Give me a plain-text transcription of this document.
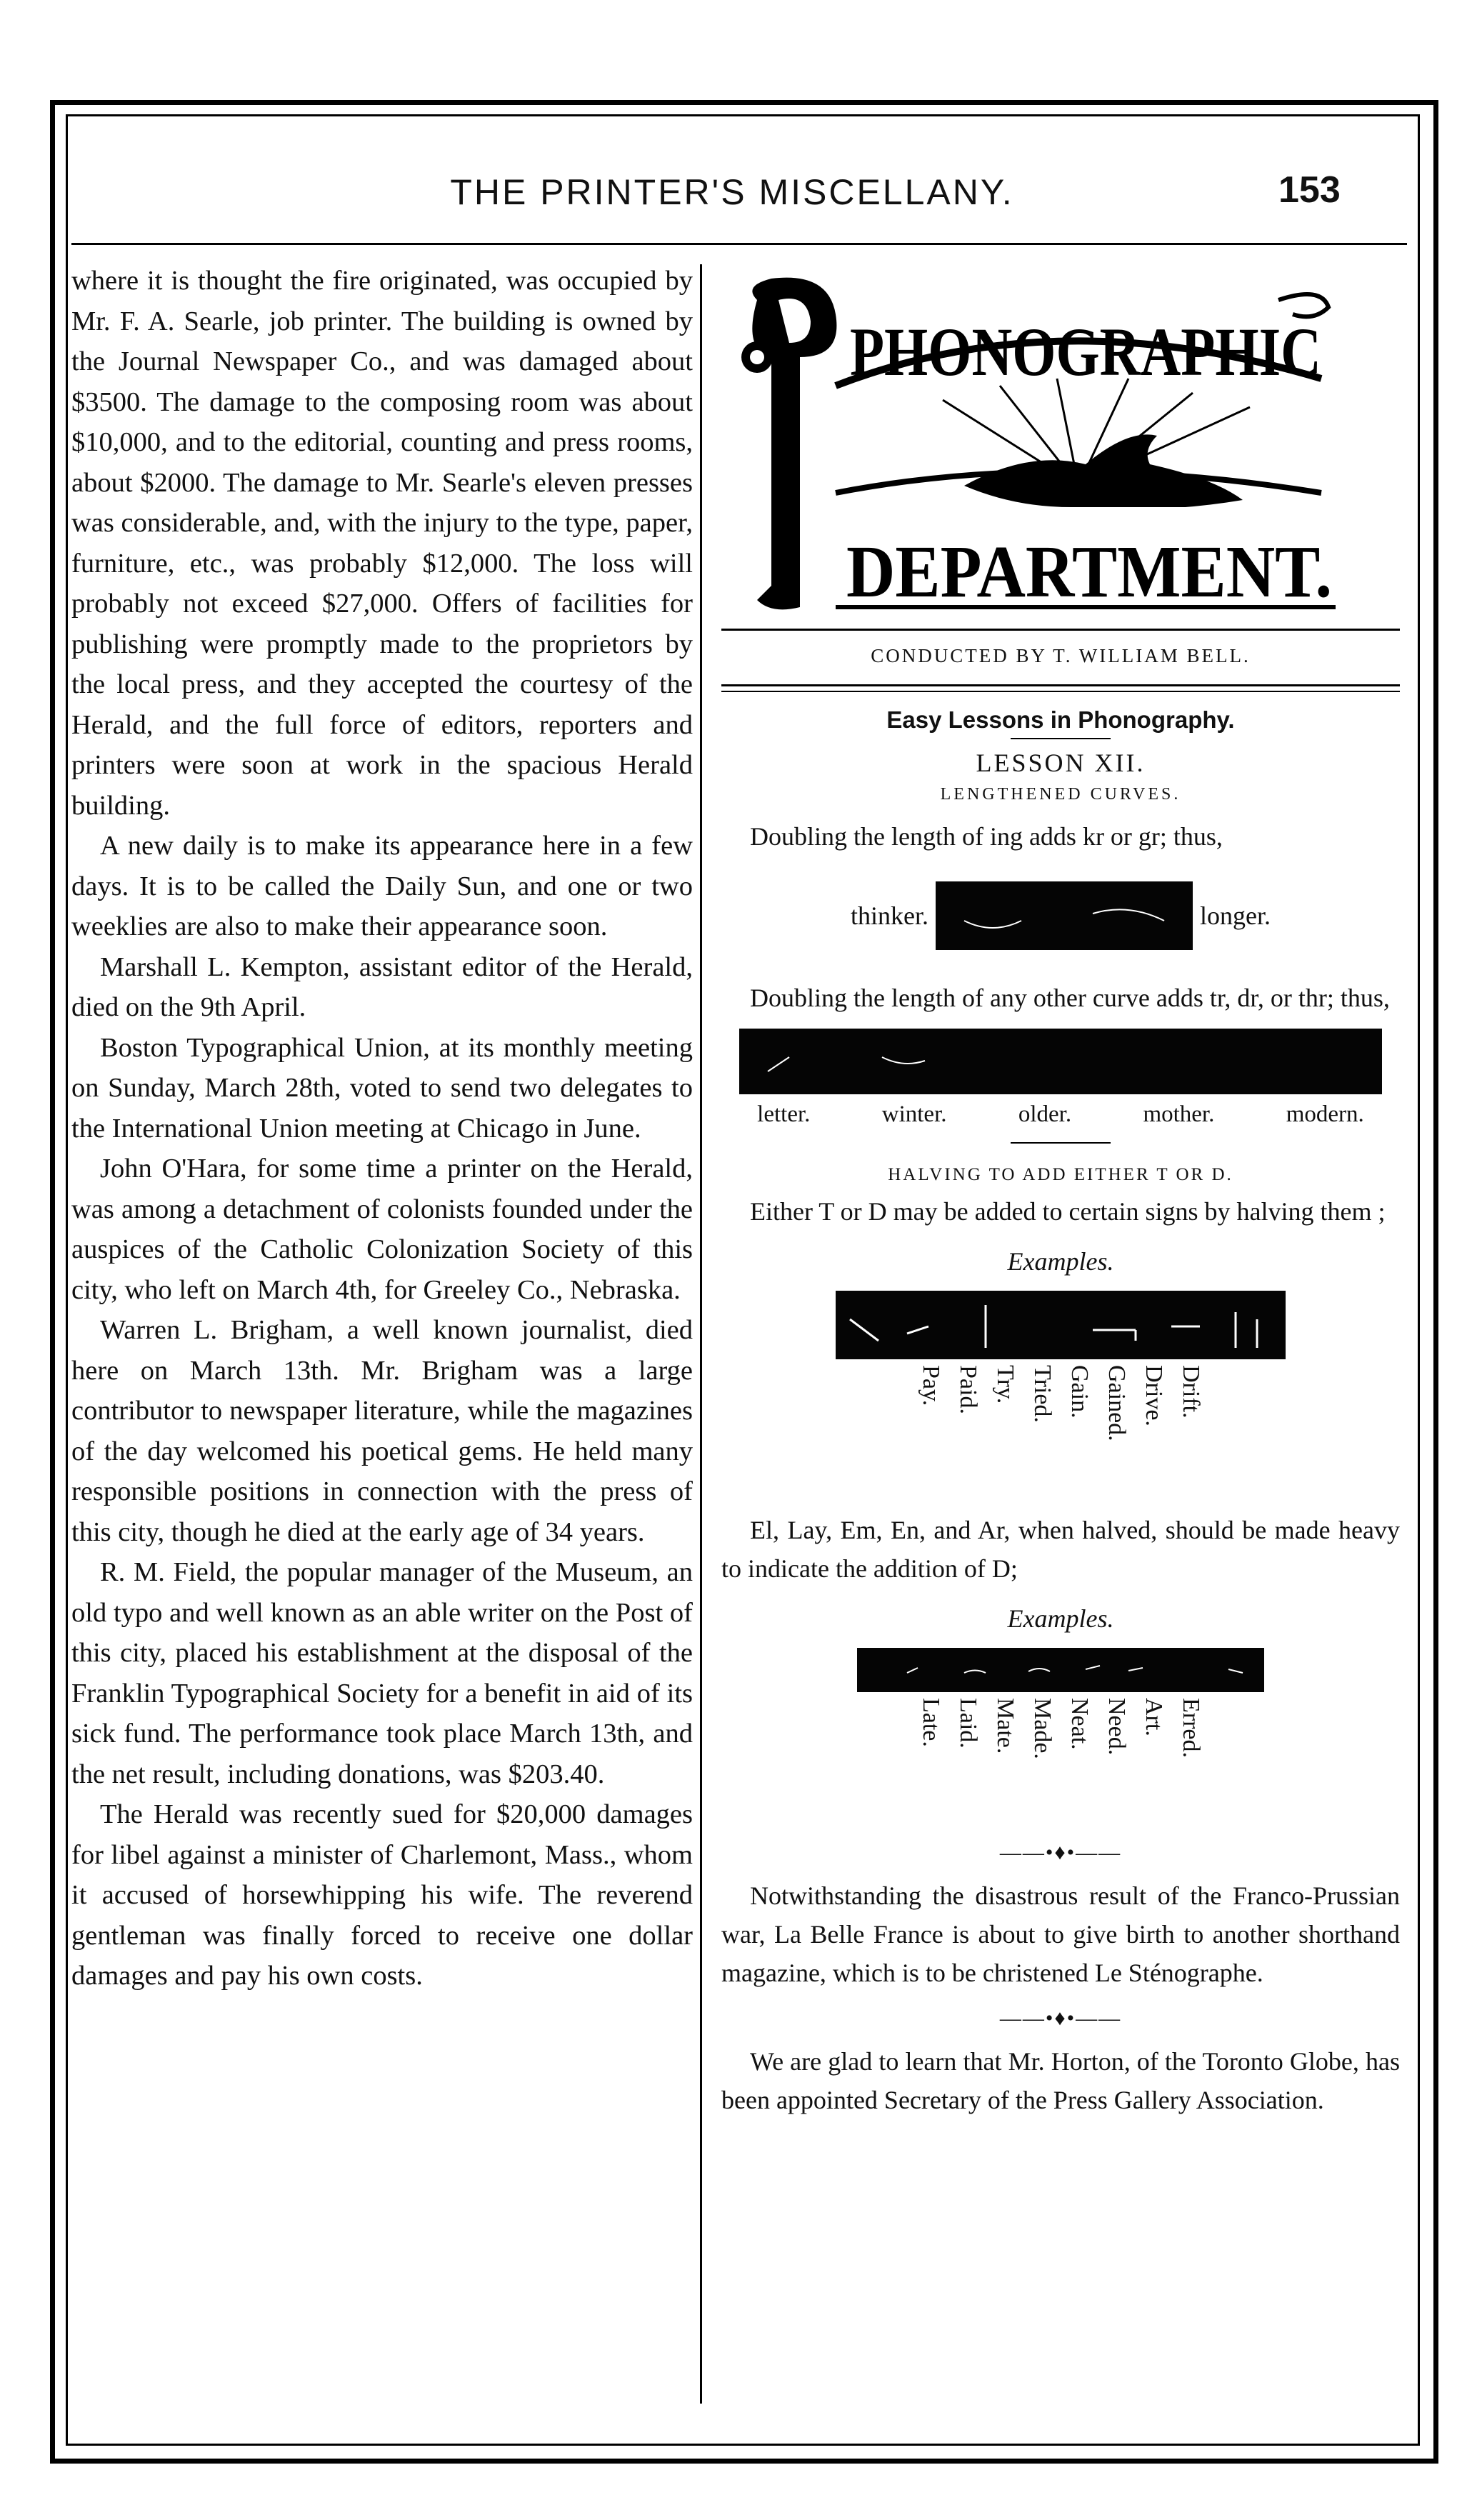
THE PRINTER'S MISCELLANY.	153

where it is thought the fire originated, was occupied by Mr. F. A. Searle, job printer. The building is owned by the Journal Newspaper Co., and was damaged about $3500. The damage to the composing room was about $10,000, and to the editorial, counting and press rooms, about $2000. The damage to Mr. Searle's eleven presses was considerable, and, with the injury to the type, paper, furniture, etc., was probably $12,000. The loss will probably not exceed $27,000. Offers of facilities for publishing were promptly made to the proprietors by the local press, and they accepted the courtesy of the Herald, and the full force of editors, reporters and printers were soon at work in the spacious Herald building.

A new daily is to make its appearance here in a few days. It is to be called the Daily Sun, and one or two weeklies are also to make their appearance soon.

Marshall L. Kempton, assistant editor of the Herald, died on the 9th April.

Boston Typographical Union, at its monthly meeting on Sunday, March 28th, voted to send two delegates to the International Union meeting at Chicago in June.

John O'Hara, for some time a printer on the Herald, was among a detachment of colonists founded under the auspices of the Catholic Colonization Society of this city, who left on March 4th, for Greeley Co., Nebraska.

Warren L. Brigham, a well known journalist, died here on March 13th. Mr. Brigham was a large contributor to newspaper literature, while the magazines of the day welcomed his poetical gems. He held many responsible positions in connection with the press of this city, though he died at the early age of 34 years.

R. M. Field, the popular manager of the Museum, an old typo and well known as an able writer on the Post of this city, placed his establishment at the disposal of the Franklin Typographical Society for a benefit in aid of its sick fund. The performance took place March 13th, and the net result, including donations, was $203.40.

The Herald was recently sued for $20,000 damages for libel against a minister of Charlemont, Mass., whom it accused of horsewhipping his wife. The reverend gentleman was finally forced to receive one dollar damages and pay his own costs.

PHONOGRAPHIC
DEPARTMENT.
CONDUCTED BY T. WILLIAM BELL.
Easy Lessons in Phonography.
LESSON XII.
LENGTHENED CURVES.

Doubling the length of ing adds kr or gr; thus,

thinker.	longer.

Doubling the length of any other curve adds tr, dr, or thr; thus,

letter.	winter.	older.	mother.	modern.
HALVING TO ADD EITHER T OR D.

Either T or D may be added to certain signs by halving them ;

Examples.
Pay. Paid. Try. Tried. Gain. Gained. Drive. Drift.

El, Lay, Em, En, and Ar, when halved, should be made heavy to indicate the addition of D;

Examples.
Late. Laid. Mate. Made. Neat. Need. Art. Erred.
——•♦•——

Notwithstanding the disastrous result of the Franco-Prussian war, La Belle France is about to give birth to another shorthand magazine, which is to be christened Le Sténographe.

——•♦•——

We are glad to learn that Mr. Horton, of the Toronto Globe, has been appointed Secretary of the Press Gallery Association.
